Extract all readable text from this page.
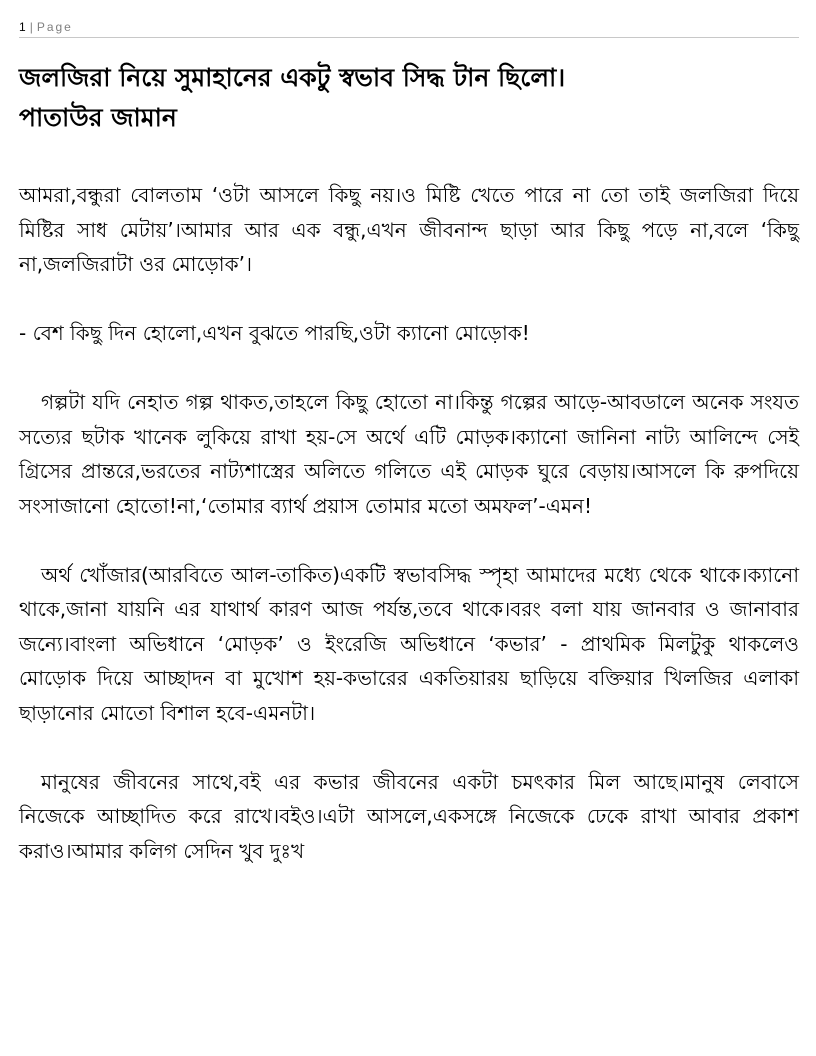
1 | Page
জলজিরা নিয়ে সুমাহানের একটু স্বভাব সিদ্ধ টান ছিলো।
পাতাউর জামান

আমরা,বন্ধুরা বোলতাম ‘ওটা আসলে কিছু নয়।ও মিষ্টি খেতে পারে না তো তাই জলজিরা দিয়ে মিষ্টির সাধ মেটায়’।আমার আর এক বন্ধু,এখন জীবনান্দ ছাড়া আর কিছু পড়ে না,বলে ‘কিছু না,জলজিরাটা ওর মোড়োক’।

- বেশ কিছু দিন হোলো,এখন বুঝতে পারছি,ওটা ক্যানো মোড়োক!

গল্পটা যদি নেহাত গল্প থাকত,তাহলে কিছু হোতো না।কিন্তু গল্পের আড়ে-আবডালে অনেক সংযত সত্যের ছটাক খানেক লুকিয়ে রাখা হয়-সে অর্থে এটি মোড়ক।ক্যানো জানিনা নাট্য আলিন্দে সেই গ্রিসের প্রান্তরে,ভরতের নাট্যশাস্ত্রের অলিতে গলিতে এই মোড়ক ঘুরে বেড়ায়।আসলে কি রুপদিয়ে সংসাজানো হোতো!না,‘তোমার ব্যার্থ প্রয়াস তোমার মতো অমফল’-এমন!

অর্থ খোঁজার(আরবিতে আল-তাকিত)একটি স্বভাবসিদ্ধ স্পৃহা আমাদের মধ্যে থেকে থাকে।ক্যানো থাকে,জানা যায়নি এর যাথার্থ কারণ আজ পর্যন্ত,তবে থাকে।বরং বলা যায় জানবার ও জানাবার জন্যে।বাংলা অভিধানে ‘মোড়ক’ ও ইংরেজি অভিধানে ‘কভার’ - প্রাথমিক মিলটুকু থাকলেও মোড়োক দিয়ে আচ্ছাদন বা মুখোশ হয়-কভারের একতিয়ারয় ছাড়িয়ে বক্তিয়ার খিলজির এলাকা ছাড়ানোর মোতো বিশাল হবে-এমনটা।

মানুষের জীবনের সাথে,বই এর কভার জীবনের একটা চমৎকার মিল আছে।মানুষ লেবাসে নিজেকে আচ্ছাদিত করে রাখে।বইও।এটা আসলে,একসঙ্গে নিজেকে ঢেকে রাখা আবার প্রকাশ করাও।আমার কলিগ সেদিন খুব দুঃখ
